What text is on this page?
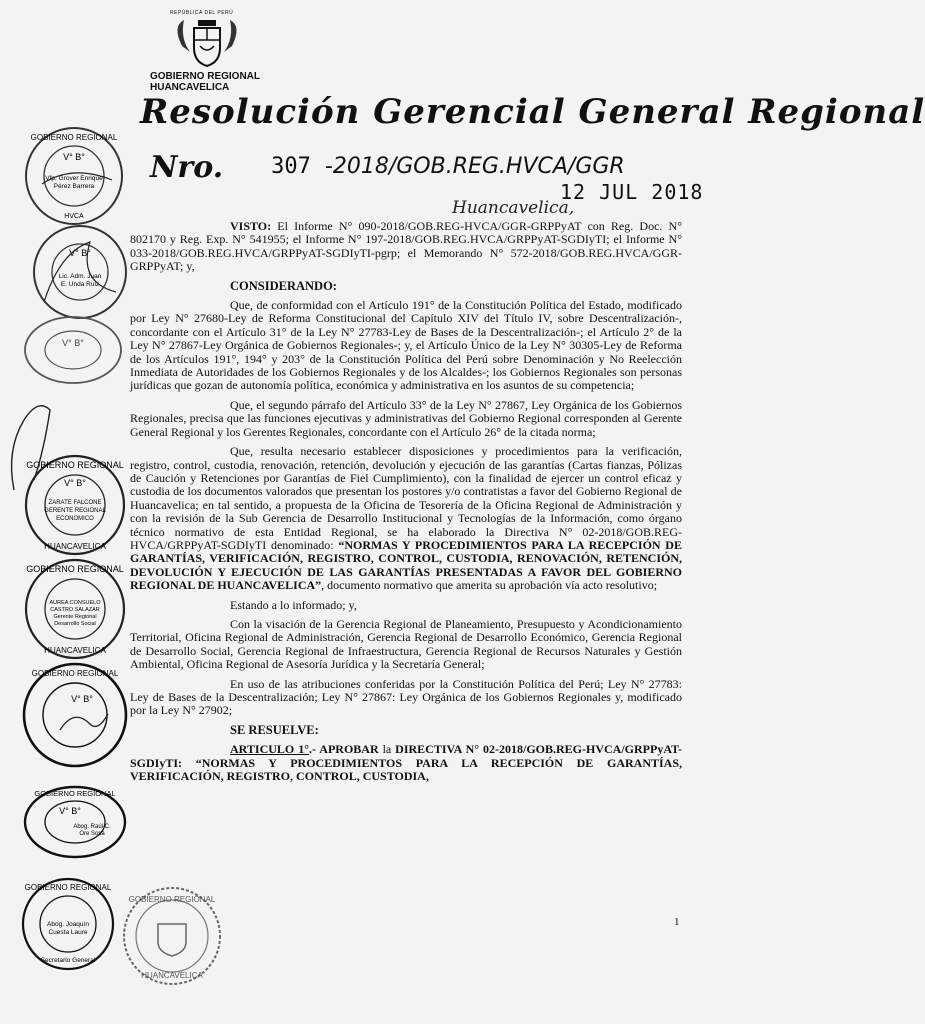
REPÚBLICA DEL PERÚ
GOBIERNO REGIONAL
HUANCAVELICA
Resolución Gerencial General Regional
Nro. 307 -2018/GOB.REG.HVCA/GGR
12 JUL 2018
Huancavelica,

VISTO: El Informe N° 090-2018/GOB.REG-HVCA/GGR-GRPPyAT con Reg. Doc. N° 802170 y Reg. Exp. N° 541955; el Informe N° 197-2018/GOB.REG.HVCA/GRPPyAT-SGDIyTI; el Informe N° 033-2018/GOB.REG.HVCA/GRPPyAT-SGDIyTI-pgrp; el Memorando N° 572-2018/GOB.REG.HVCA/GGR-GRPPyAT; y,

CONSIDERANDO:

Que, de conformidad con el Artículo 191° de la Constitución Política del Estado, modificado por Ley N° 27680-Ley de Reforma Constitucional del Capítulo XIV del Título IV, sobre Descentralización-, concordante con el Artículo 31° de la Ley N° 27783-Ley de Bases de la Descentralización-; el Artículo 2° de la Ley N° 27867-Ley Orgánica de Gobiernos Regionales-; y, el Artículo Único de la Ley N° 30305-Ley de Reforma de los Artículos 191°, 194° y 203° de la Constitución Política del Perú sobre Denominación y No Reelección Inmediata de Autoridades de los Gobiernos Regionales y de los Alcaldes-; los Gobiernos Regionales son personas jurídicas que gozan de autonomía política, económica y administrativa en los asuntos de su competencia;

Que, el segundo párrafo del Artículo 33° de la Ley N° 27867, Ley Orgánica de los Gobiernos Regionales, precisa que las funciones ejecutivas y administrativas del Gobierno Regional corresponden al Gerente General Regional y los Gerentes Regionales, concordante con el Artículo 26° de la citada norma;

Que, resulta necesario establecer disposiciones y procedimientos para la verificación, registro, control, custodia, renovación, retención, devolución y ejecución de las garantías (Cartas fianzas, Pólizas de Caución y Retenciones por Garantías de Fiel Cumplimiento), con la finalidad de ejercer un control eficaz y custodia de los documentos valorados que presentan los postores y/o contratistas a favor del Gobierno Regional de Huancavelica; en tal sentido, a propuesta de la Oficina de Tesorería de la Oficina Regional de Administración y con la revisión de la Sub Gerencia de Desarrollo Institucional y Tecnologías de la Información, como órgano técnico normativo de esta Entidad Regional, se ha elaborado la Directiva N° 02-2018/GOB.REG-HVCA/GRPPyAT-SGDIyTI denominado: “NORMAS Y PROCEDIMIENTOS PARA LA RECEPCIÓN DE GARANTÍAS, VERIFICACIÓN, REGISTRO, CONTROL, CUSTODIA, RENOVACIÓN, RETENCIÓN, DEVOLUCIÓN Y EJECUCIÓN DE LAS GARANTÍAS PRESENTADAS A FAVOR DEL GOBIERNO REGIONAL DE HUANCAVELICA”, documento normativo que amerita su aprobación vía acto resolutivo;

Estando a lo informado; y,

Con la visación de la Gerencia Regional de Planeamiento, Presupuesto y Acondicionamiento Territorial, Oficina Regional de Administración, Gerencia Regional de Desarrollo Económico, Gerencia Regional de Desarrollo Social, Gerencia Regional de Infraestructura, Gerencia Regional de Recursos Naturales y Gestión Ambiental, Oficina Regional de Asesoría Jurídica y la Secretaría General;

En uso de las atribuciones conferidas por la Constitución Política del Perú; Ley N° 27783: Ley de Bases de la Descentralización; Ley N° 27867: Ley Orgánica de los Gobiernos Regionales y, modificado por la Ley N° 27902;

SE RESUELVE:

ARTICULO 1°.- APROBAR la DIRECTIVA N° 02-2018/GOB.REG-HVCA/GRPPyAT-SGDIyTI: “NORMAS Y PROCEDIMIENTOS PARA LA RECEPCIÓN DE GARANTÍAS, VERIFICACIÓN, REGISTRO, CONTROL, CUSTODIA,

1
GOBIERNO REGIONAL
V° B°
Vfp. Grover Enrique
Pérez Barrera
HVCA
V° B°
Lic. Adm. Juan
E. Unda Ruiz
V° B°
GOBIERNO REGIONAL
V° B°
ZARATE FALCONE
GERENTE REGIONAL
ECONOMICO
HUANCAVELICA
GOBIERNO REGIONAL
AUREA CONSUELO
CASTRO SALAZAR
Gerente Regional
Desarrollo Social
HUANCAVELICA
GOBIERNO REGIONAL
V° B°
GOBIERNO REGIONAL
V° B°
Abog. Raúl C.
Ore Sosa
GOBIERNO REGIONAL
Abog. Joaquín
Cuesta Laure
Secretario General
GOBIERNO REGIONAL
HUANCAVELICA
